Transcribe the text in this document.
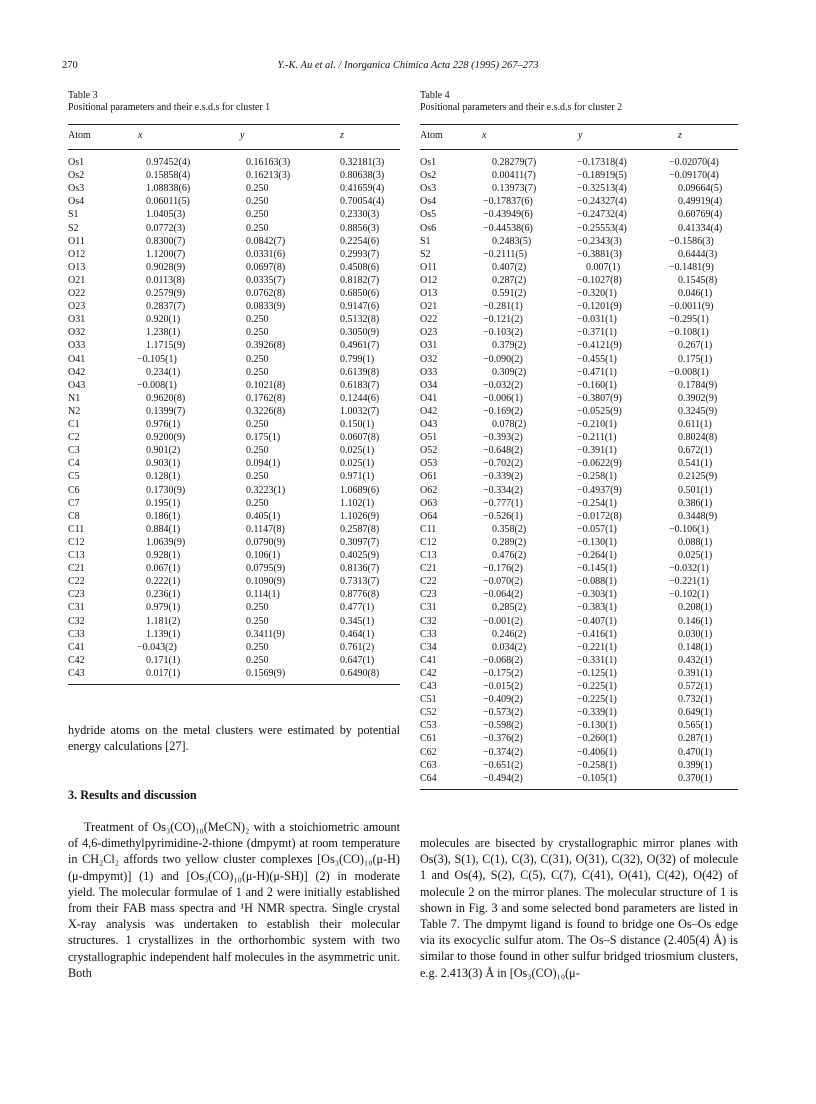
270	Y.-K. Au et al. / Inorganica Chimica Acta 228 (1995) 267–273
Table 3
Positional parameters and their e.s.d.s for cluster 1
Atom	x	y	z
Os1	0.97452(4)	0.16163(3)	0.32181(3)
Os2	0.15858(4)	0.16213(3)	0.80638(3)
Os3	1.08838(6)	0.250	0.41659(4)
Os4	0.06011(5)	0.250	0.70054(4)
S1	1.0405(3)	0.250	0.2330(3)
S2	0.0772(3)	0.250	0.8856(3)
O11	0.8300(7)	0.0842(7)	0.2254(6)
O12	1.1200(7)	0.0331(6)	0.2993(7)
O13	0.9028(9)	0.0697(8)	0.4508(6)
O21	0.0113(8)	0.0335(7)	0.8182(7)
O22	0.2579(9)	0.0762(8)	0.6850(6)
O23	0.2837(7)	0.0833(9)	0.9147(6)
O31	0.920(1)	0.250	0.5132(8)
O32	1.238(1)	0.250	0.3050(9)
O33	1.1715(9)	0.3926(8)	0.4961(7)
O41	−0.105(1)	0.250	0.799(1)
O42	0.234(1)	0.250	0.6139(8)
O43	−0.008(1)	0.1021(8)	0.6183(7)
N1	0.9620(8)	0.1762(8)	0.1244(6)
N2	0.1399(7)	0.3226(8)	1.0032(7)
C1	0.976(1)	0.250	0.150(1)
C2	0.9200(9)	0.175(1)	0.0607(8)
C3	0.901(2)	0.250	0.025(1)
C4	0.903(1)	0.094(1)	0.025(1)
C5	0.128(1)	0.250	0.971(1)
C6	0.1730(9)	0.3223(1)	1.0689(6)
C7	0.195(1)	0.250	1.102(1)
C8	0.186(1)	0.405(1)	1.1026(9)
C11	0.884(1)	0.1147(8)	0.2587(8)
C12	1.0639(9)	0.0790(9)	0.3097(7)
C13	0.928(1)	0.106(1)	0.4025(9)
C21	0.067(1)	0.0795(9)	0.8136(7)
C22	0.222(1)	0.1090(9)	0.7313(7)
C23	0.236(1)	0.114(1)	0.8776(8)
C31	0.979(1)	0.250	0.477(1)
C32	1.181(2)	0.250	0.345(1)
C33	1.139(1)	0.3411(9)	0.464(1)
C41	−0.043(2)	0.250	0.761(2)
C42	0.171(1)	0.250	0.647(1)
C43	0.017(1)	0.1569(9)	0.6490(8)
Table 4
Positional parameters and their e.s.d.s for cluster 2
Atom	x	y	z
Os1	0.28279(7)	−0.17318(4)	−0.02070(4)
Os2	0.00411(7)	−0.18919(5)	−0.09170(4)
Os3	0.13973(7)	−0.32513(4)	0.09664(5)
Os4	−0.17837(6)	−0.24327(4)	0.49919(4)
Os5	−0.43949(6)	−0.24732(4)	0.60769(4)
Os6	−0.44538(6)	−0.25553(4)	0.41334(4)
S1	0.2483(5)	−0.2343(3)	−0.1586(3)
S2	−0.2111(5)	−0.3881(3)	0.6444(3)
O11	0.407(2)	0.007(1)	−0.1481(9)
O12	0.287(2)	−0.1027(8)	0.1545(8)
O13	0.591(2)	−0.320(1)	0.046(1)
O21	−0.281(1)	−0.1201(9)	−0.0011(9)
O22	−0.121(2)	−0.031(1)	−0.295(1)
O23	−0.103(2)	−0.371(1)	−0.108(1)
O31	0.379(2)	−0.4121(9)	0.267(1)
O32	−0.090(2)	−0.455(1)	0.175(1)
O33	0.309(2)	−0.471(1)	−0.008(1)
O34	−0.032(2)	−0.160(1)	0.1784(9)
O41	−0.006(1)	−0.3807(9)	0.3902(9)
O42	−0.169(2)	−0.0525(9)	0.3245(9)
O43	0.078(2)	−0.210(1)	0.611(1)
O51	−0.393(2)	−0.211(1)	0.8024(8)
O52	−0.648(2)	−0.391(1)	0.672(1)
O53	−0.702(2)	−0.0622(9)	0.541(1)
O61	−0.339(2)	−0.258(1)	0.2125(9)
O62	−0.334(2)	−0.4937(9)	0.501(1)
O63	−0.777(1)	−0.254(1)	0.386(1)
O64	−0.526(1)	−0.0172(8)	0.3448(9)
C11	0.358(2)	−0.057(1)	−0.106(1)
C12	0.289(2)	−0.130(1)	0.088(1)
C13	0.476(2)	−0.264(1)	0.025(1)
C21	−0.176(2)	−0.145(1)	−0.032(1)
C22	−0.070(2)	−0.088(1)	−0.221(1)
C23	−0.064(2)	−0.303(1)	−0.102(1)
C31	0.285(2)	−0.383(1)	0.208(1)
C32	−0.001(2)	−0.407(1)	0.146(1)
C33	0.246(2)	−0.416(1)	0.030(1)
C34	0.034(2)	−0.221(1)	0.148(1)
C41	−0.068(2)	−0.331(1)	0.432(1)
C42	−0.175(2)	−0.125(1)	0.391(1)
C43	−0.015(2)	−0.225(1)	0.572(1)
C51	−0.409(2)	−0.225(1)	0.732(1)
C52	−0.573(2)	−0.339(1)	0.649(1)
C53	−0.598(2)	−0.130(1)	0.565(1)
C61	−0.376(2)	−0.260(1)	0.287(1)
C62	−0.374(2)	−0.406(1)	0.470(1)
C63	−0.651(2)	−0.258(1)	0.399(1)
C64	−0.494(2)	−0.105(1)	0.370(1)

hydride atoms on the metal clusters were estimated by potential energy calculations [27].

3. Results and discussion

Treatment of Os₃(CO)₁₀(MeCN)₂ with a stoichiometric amount of 4,6-dimethylpyrimidine-2-thione (dmpymt) at room temperature in CH₂Cl₂ affords two yellow cluster complexes [Os₃(CO)₁₀(μ-H)(μ-dmpymt)] (1) and [Os₃(CO)₁₀(μ-H)(μ-SH)] (2) in moderate yield. The molecular formulae of 1 and 2 were initially established from their FAB mass spectra and ¹H NMR spectra. Single crystal X-ray analysis was undertaken to establish their molecular structures. 1 crystallizes in the orthorhombic system with two crystallographic independent half molecules in the asymmetric unit. Both

molecules are bisected by crystallographic mirror planes with Os(3), S(1), C(1), C(3), C(31), O(31), C(32), O(32) of molecule 1 and Os(4), S(2), C(5), C(7), C(41), O(41), C(42), O(42) of molecule 2 on the mirror planes. The molecular structure of 1 is shown in Fig. 3 and some selected bond parameters are listed in Table 7. The dmpymt ligand is found to bridge one Os–Os edge via its exocyclic sulfur atom. The Os–S distance (2.405(4) Å) is similar to those found in other sulfur bridged triosmium clusters, e.g. 2.413(3) Å in [Os₃(CO)₁₀(μ-
